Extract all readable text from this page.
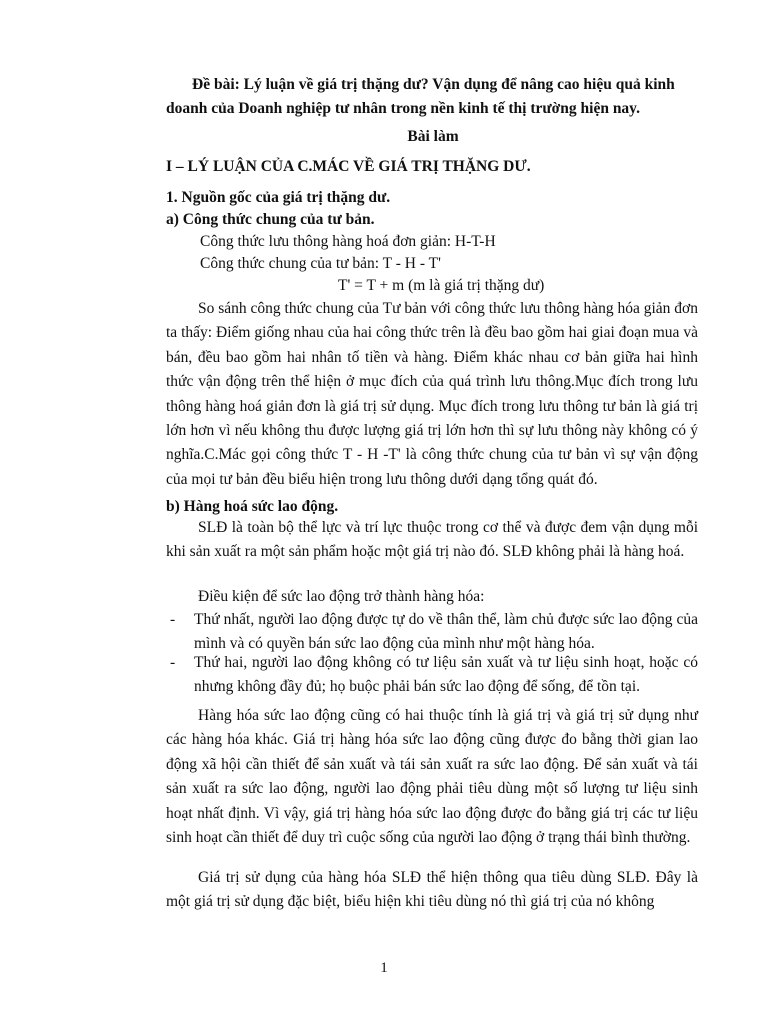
Đề bài: Lý luận về giá trị thặng dư? Vận dụng để nâng cao hiệu quả kinh
doanh của Doanh nghiệp tư nhân trong nền kinh tế thị trường hiện nay.
Bài làm
I – LÝ LUẬN CỦA C.MÁC VỀ GIÁ TRỊ THẶNG DƯ.
1. Nguồn gốc của giá trị thặng dư.
a) Công thức chung của tư bản.
Công thức lưu thông hàng hoá đơn giản: H-T-H
Công thức chung của tư bản: T - H - T'
T' = T + m (m là giá trị thặng dư)

So sánh công thức chung của Tư bản với công thức lưu thông hàng hóa giản đơn ta thấy: Điểm giống nhau của hai công thức trên là đều bao gồm hai giai đoạn mua và bán, đều bao gồm hai nhân tố tiền và hàng. Điểm khác nhau cơ bản giữa hai hình thức vận động trên thể hiện ở mục đích của quá trình lưu thông.Mục đích trong lưu thông hàng hoá giản đơn là giá trị sử dụng. Mục đích trong lưu thông tư bản là giá trị lớn hơn vì nếu không thu được lượng giá trị lớn hơn thì sự lưu thông này không có ý nghĩa.C.Mác gọi công thức T - H -T' là công thức chung của tư bản vì sự vận động của mọi tư bản đều biểu hiện trong lưu thông dưới dạng tổng quát đó.

b) Hàng hoá sức lao động.

SLĐ là toàn bộ thể lực và trí lực thuộc trong cơ thể và được đem vận dụng mỗi khi sản xuất ra một sản phẩm hoặc một giá trị nào đó. SLĐ không phải là hàng hoá.

Điều kiện để sức lao động trở thành hàng hóa:
- Thứ nhất, người lao động được tự do về thân thể, làm chủ được sức lao động của mình và có quyền bán sức lao động của mình như một hàng hóa.

- Thứ hai, người lao động không có tư liệu sản xuất và tư liệu sinh hoạt, hoặc có nhưng không đầy đủ; họ buộc phải bán sức lao động để sống, để tồn tại.

Hàng hóa sức lao động cũng có hai thuộc tính là giá trị và giá trị sử dụng như các hàng hóa khác. Giá trị hàng hóa sức lao động cũng được đo bằng thời gian lao động xã hội cần thiết để sản xuất và tái sản xuất ra sức lao động. Để sản xuất và tái sản xuất ra sức lao động, người lao động phải tiêu dùng một số lượng tư liệu sinh hoạt nhất định. Vì vậy, giá trị hàng hóa sức lao động được đo bằng giá trị các tư liệu sinh hoạt cần thiết để duy trì cuộc sống của người lao động ở trạng thái bình thường.

Giá trị sử dụng của hàng hóa SLĐ thể hiện thông qua tiêu dùng SLĐ. Đây là một giá trị sử dụng đặc biệt, biểu hiện khi tiêu dùng nó thì giá trị của nó không

1
